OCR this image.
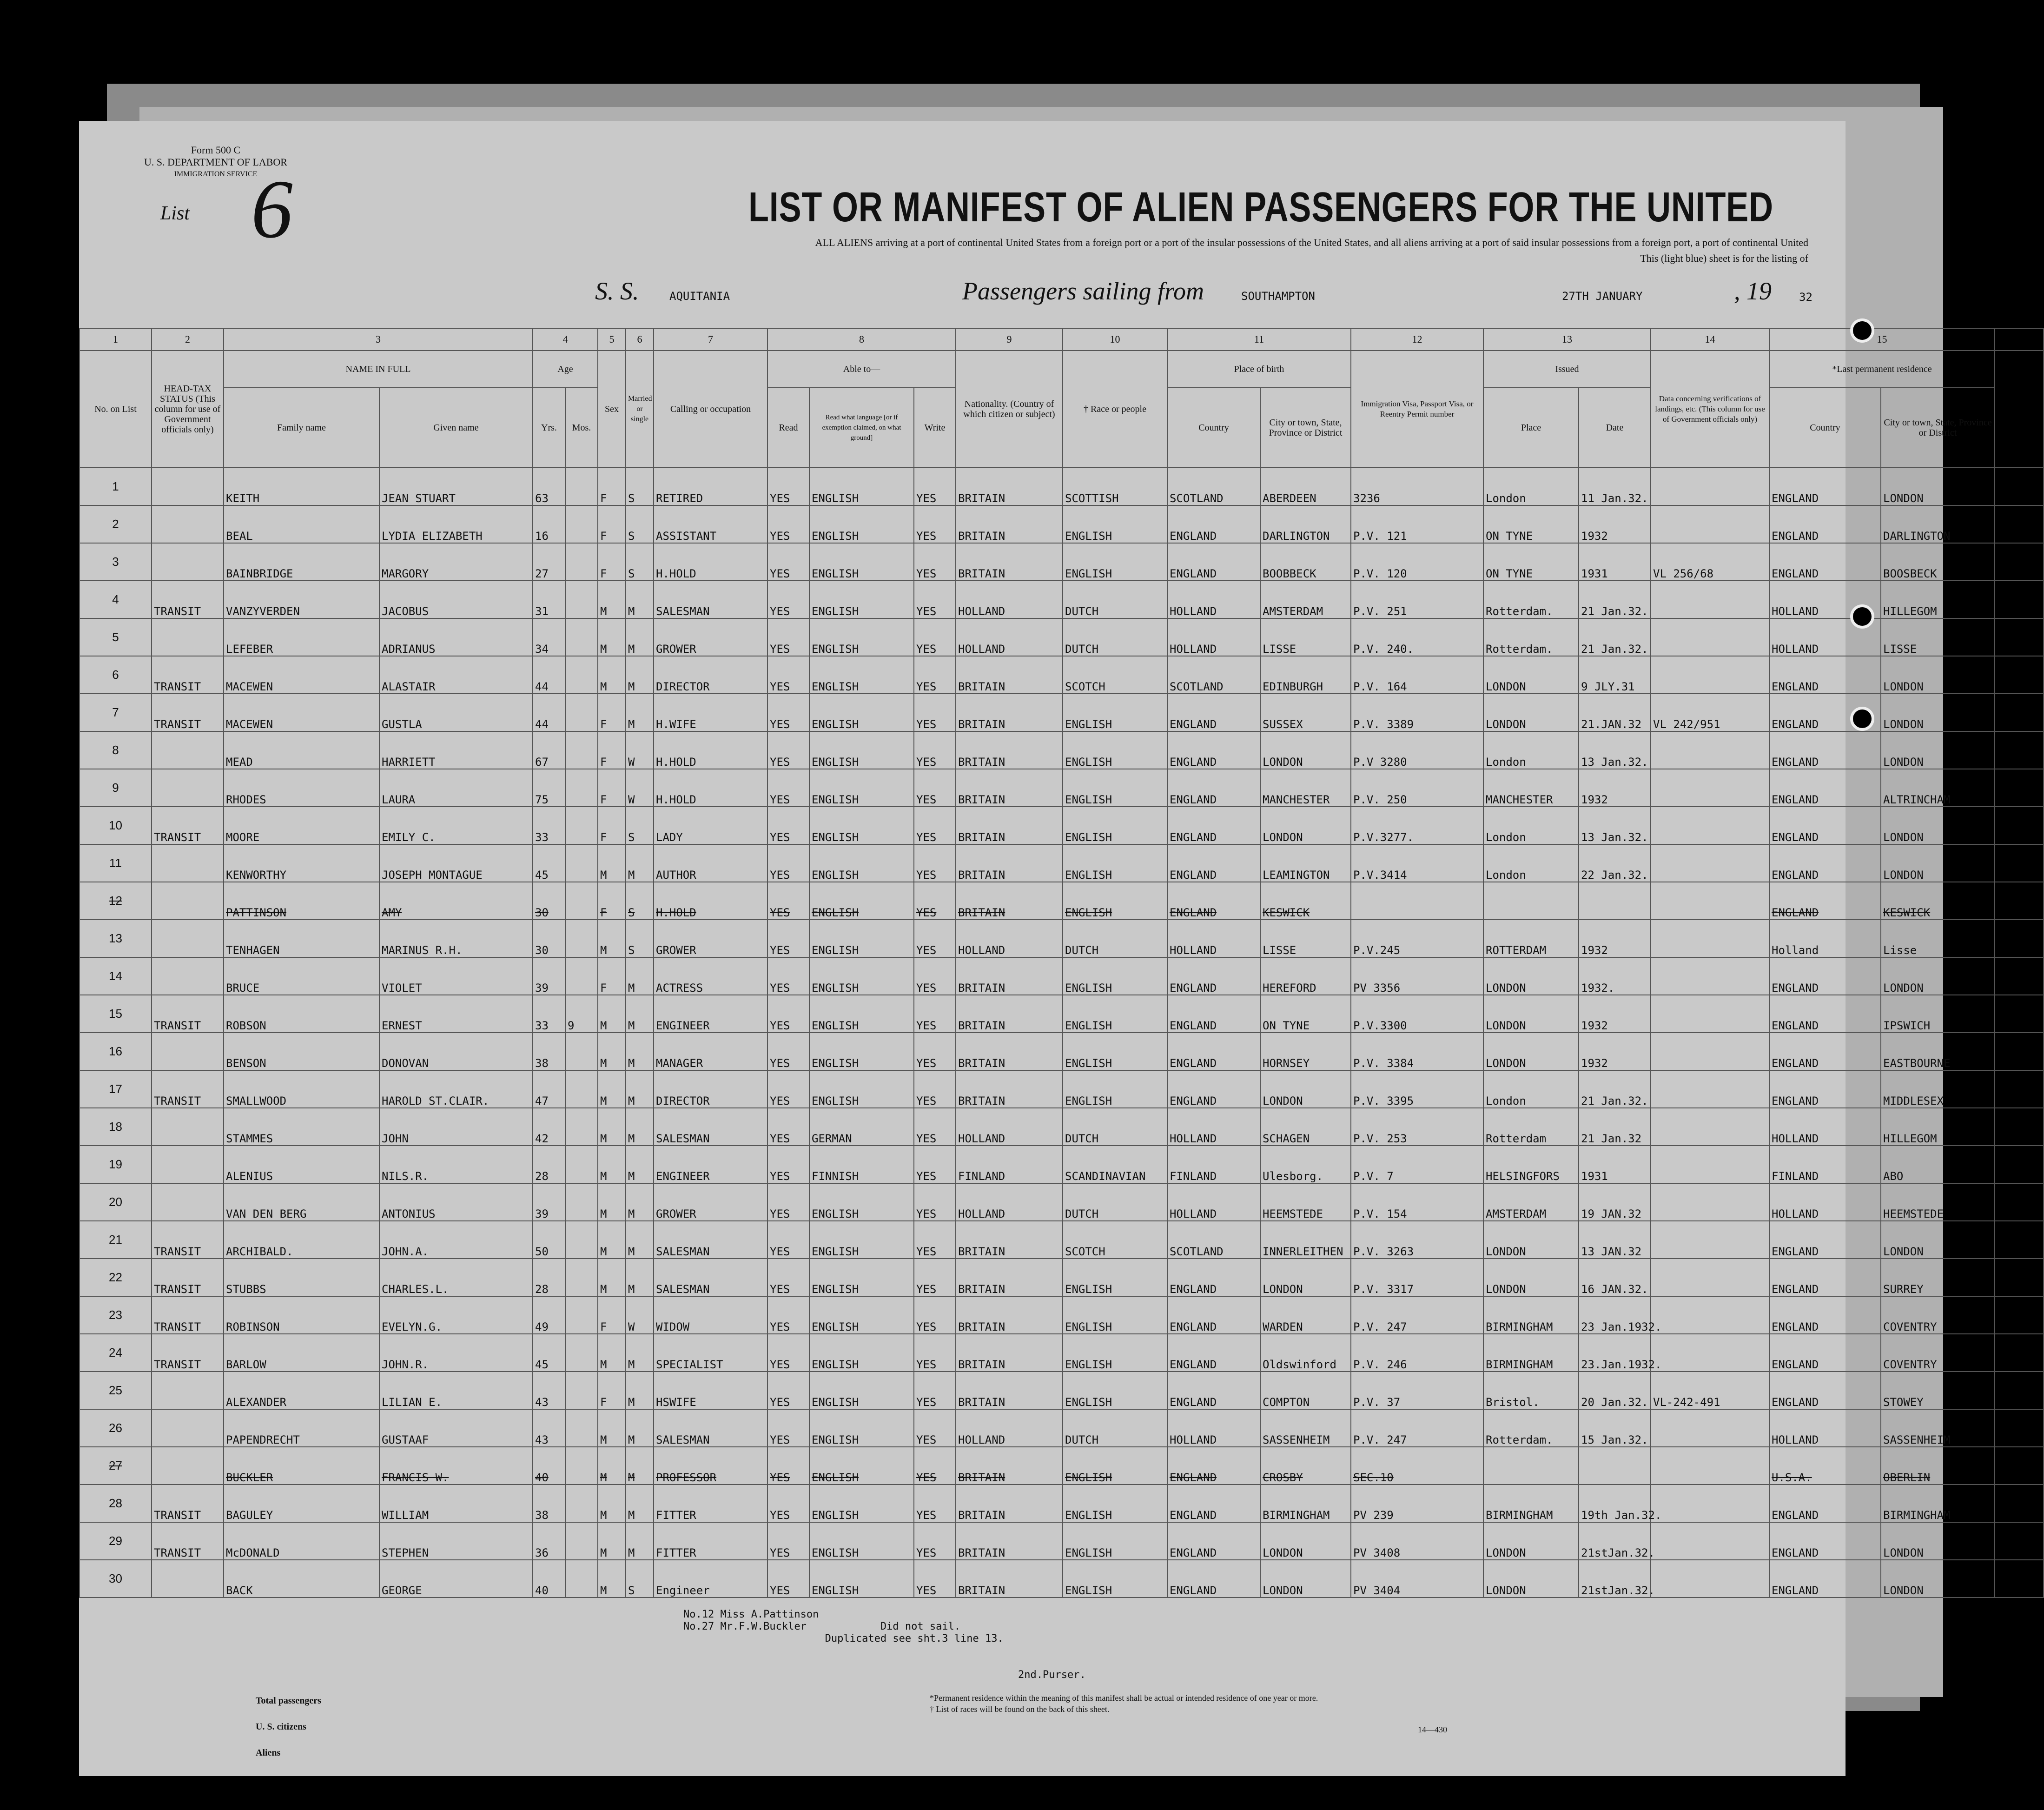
Form 500 C
U. S. DEPARTMENT OF LABOR
IMMIGRATION SERVICE
List 6	LIST OR MANIFEST OF ALIEN PASSENGERS FOR THE UNITED
ALL ALIENS arriving at a port of continental United States from a foreign port or a port of the insular possessions of the United States, and all aliens arriving at a port of said insular possessions from a foreign port, a port of continental United
This (light blue) sheet is for the listing of
S. S.	AQUITANIA	Passengers sailing from	SOUTHAMPTON	27TH JANUARY	, 19 32
1	2	3		4		5	6	7	8			9	10	11		12	13		14	15		
No. on List	HEAD-TAX STATUS (This column for use of Government officials only)	NAME IN FULL		Age		Sex	Married or single	Calling or occupation	Able to—			Nationality. (Country of which citizen or subject)	† Race or people	Place of birth		Immigration Visa, Passport Visa, or Reentry Permit number	Issued		Data concerning verifications of landings, etc. (This column for use of Government officials only)	*Last permanent residence		
		Family name	Given name	Yrs.	Mos.				Read	Read what language [or if exemption claimed, on what ground]	Write			Country	City or town, State, Province or District		Place	Date		Country	City or town, State, Province or District	
1		KEITH	JEAN STUART	63		F	S	RETIRED	YES	ENGLISH	YES	BRITAIN	SCOTTISH	SCOTLAND	ABERDEEN	3236	London	11 Jan.32.		ENGLAND	LONDON	
2		BEAL	LYDIA ELIZABETH	16		F	S	ASSISTANT	YES	ENGLISH	YES	BRITAIN	ENGLISH	ENGLAND	DARLINGTON	P.V. 121	ON TYNE	1932		ENGLAND	DARLINGTON	
3		BAINBRIDGE	MARGORY	27		F	S	H.HOLD	YES	ENGLISH	YES	BRITAIN	ENGLISH	ENGLAND	BOOBBECK	P.V. 120	ON TYNE	1931	VL 256/68	ENGLAND	BOOSBECK	
4	TRANSIT	VANZYVERDEN	JACOBUS	31		M	M	SALESMAN	YES	ENGLISH	YES	HOLLAND	DUTCH	HOLLAND	AMSTERDAM	P.V. 251	Rotterdam.	21 Jan.32.		HOLLAND	HILLEGOM	
5		LEFEBER	ADRIANUS	34		M	M	GROWER	YES	ENGLISH	YES	HOLLAND	DUTCH	HOLLAND	LISSE	P.V. 240.	Rotterdam.	21 Jan.32.		HOLLAND	LISSE	
6	TRANSIT	MACEWEN	ALASTAIR	44		M	M	DIRECTOR	YES	ENGLISH	YES	BRITAIN	SCOTCH	SCOTLAND	EDINBURGH	P.V. 164	LONDON	9 JLY.31		ENGLAND	LONDON	
7	TRANSIT	MACEWEN	GUSTLA	44		F	M	H.WIFE	YES	ENGLISH	YES	BRITAIN	ENGLISH	ENGLAND	SUSSEX	P.V. 3389	LONDON	21.JAN.32	VL 242/951	ENGLAND	LONDON	
8		MEAD	HARRIETT	67		F	W	H.HOLD	YES	ENGLISH	YES	BRITAIN	ENGLISH	ENGLAND	LONDON	P.V 3280	London	13 Jan.32.		ENGLAND	LONDON	
9		RHODES	LAURA	75		F	W	H.HOLD	YES	ENGLISH	YES	BRITAIN	ENGLISH	ENGLAND	MANCHESTER	P.V. 250	MANCHESTER	1932		ENGLAND	ALTRINCHAM	
10	TRANSIT	MOORE	EMILY C.	33		F	S	LADY	YES	ENGLISH	YES	BRITAIN	ENGLISH	ENGLAND	LONDON	P.V.3277.	London	13 Jan.32.		ENGLAND	LONDON	
11		KENWORTHY	JOSEPH MONTAGUE	45		M	M	AUTHOR	YES	ENGLISH	YES	BRITAIN	ENGLISH	ENGLAND	LEAMINGTON	P.V.3414	London	22 Jan.32.		ENGLAND	LONDON	
12		PATTINSON	AMY	30		F	S	H.HOLD	YES	ENGLISH	YES	BRITAIN	ENGLISH	ENGLAND	KESWICK					ENGLAND	KESWICK	
13		TENHAGEN	MARINUS R.H.	30		M	S	GROWER	YES	ENGLISH	YES	HOLLAND	DUTCH	HOLLAND	LISSE	P.V.245	ROTTERDAM	1932		Holland	Lisse	
14		BRUCE	VIOLET	39		F	M	ACTRESS	YES	ENGLISH	YES	BRITAIN	ENGLISH	ENGLAND	HEREFORD	PV 3356	LONDON	1932.		ENGLAND	LONDON	
15	TRANSIT	ROBSON	ERNEST	33	9	M	M	ENGINEER	YES	ENGLISH	YES	BRITAIN	ENGLISH	ENGLAND	ON TYNE	P.V.3300	LONDON	1932		ENGLAND	IPSWICH	
16		BENSON	DONOVAN	38		M	M	MANAGER	YES	ENGLISH	YES	BRITAIN	ENGLISH	ENGLAND	HORNSEY	P.V. 3384	LONDON	1932		ENGLAND	EASTBOURNE	
17	TRANSIT	SMALLWOOD	HAROLD ST.CLAIR.	47		M	M	DIRECTOR	YES	ENGLISH	YES	BRITAIN	ENGLISH	ENGLAND	LONDON	P.V. 3395	London	21 Jan.32.		ENGLAND	MIDDLESEX	
18		STAMMES	JOHN	42		M	M	SALESMAN	YES	GERMAN	YES	HOLLAND	DUTCH	HOLLAND	SCHAGEN	P.V. 253	Rotterdam	21 Jan.32		HOLLAND	HILLEGOM	
19		ALENIUS	NILS.R.	28		M	M	ENGINEER	YES	FINNISH	YES	FINLAND	SCANDINAVIAN	FINLAND	Ulesborg.	P.V. 7	HELSINGFORS	1931		FINLAND	ABO	
20		VAN DEN BERG	ANTONIUS	39		M	M	GROWER	YES	ENGLISH	YES	HOLLAND	DUTCH	HOLLAND	HEEMSTEDE	P.V. 154	AMSTERDAM	19 JAN.32		HOLLAND	HEEMSTEDE	
21	TRANSIT	ARCHIBALD.	JOHN.A.	50		M	M	SALESMAN	YES	ENGLISH	YES	BRITAIN	SCOTCH	SCOTLAND	INNERLEITHEN	P.V. 3263	LONDON	13 JAN.32		ENGLAND	LONDON	
22	TRANSIT	STUBBS	CHARLES.L.	28		M	M	SALESMAN	YES	ENGLISH	YES	BRITAIN	ENGLISH	ENGLAND	LONDON	P.V. 3317	LONDON	16 JAN.32.		ENGLAND	SURREY	
23	TRANSIT	ROBINSON	EVELYN.G.	49		F	W	WIDOW	YES	ENGLISH	YES	BRITAIN	ENGLISH	ENGLAND	WARDEN	P.V. 247	BIRMINGHAM	23 Jan.1932.		ENGLAND	COVENTRY	
24	TRANSIT	BARLOW	JOHN.R.	45		M	M	SPECIALIST	YES	ENGLISH	YES	BRITAIN	ENGLISH	ENGLAND	Oldswinford	P.V. 246	BIRMINGHAM	23.Jan.1932.		ENGLAND	COVENTRY	
25		ALEXANDER	LILIAN E.	43		F	M	HSWIFE	YES	ENGLISH	YES	BRITAIN	ENGLISH	ENGLAND	COMPTON	P.V. 37	Bristol.	20 Jan.32.	VL-242-491	ENGLAND	STOWEY	
26		PAPENDRECHT	GUSTAAF	43		M	M	SALESMAN	YES	ENGLISH	YES	HOLLAND	DUTCH	HOLLAND	SASSENHEIM	P.V. 247	Rotterdam.	15 Jan.32.		HOLLAND	SASSENHEIM	
27		BUCKLER	FRANCIS W.	40		M	M	PROFESSOR	YES	ENGLISH	YES	BRITAIN	ENGLISH	ENGLAND	CROSBY	SEC.10				U.S.A.	OBERLIN	
28	TRANSIT	BAGULEY	WILLIAM	38		M	M	FITTER	YES	ENGLISH	YES	BRITAIN	ENGLISH	ENGLAND	BIRMINGHAM	PV 239	BIRMINGHAM	19th Jan.32.		ENGLAND	BIRMINGHAM	
29	TRANSIT	McDONALD	STEPHEN	36		M	M	FITTER	YES	ENGLISH	YES	BRITAIN	ENGLISH	ENGLAND	LONDON	PV 3408	LONDON	21stJan.32.		ENGLAND	LONDON	
30		BACK	GEORGE	40		M	S	Engineer	YES	ENGLISH	YES	BRITAIN	ENGLISH	ENGLAND	LONDON	PV 3404	LONDON	21stJan.32.		ENGLAND	LONDON	
No.12 Miss A.Pattinson
No.27 Mr.F.W.Buckler	Did not sail.
Duplicated see sht.3 line 13.
2nd.Purser.
Total passengers
U. S. citizens
Aliens
*Permanent residence within the meaning of this manifest shall be actual or intended residence of one year or more.
† List of races will be found on the back of this sheet.
14—430
